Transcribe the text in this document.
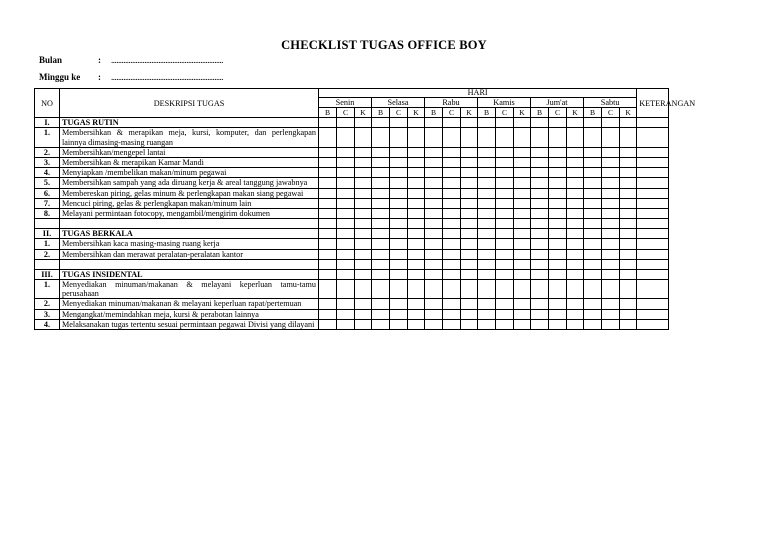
CHECKLIST TUGAS OFFICE BOY
Bulan	: ................................................................
Minggu ke : ................................................................
NO	DESKRIPSI TUGAS	HARI																		KETERANGAN
		Senin			Selasa			Rabu			Kamis			Jum'at			Sabtu			
		B	C	K	B	C	K	B	C	K	B	C	K	B	C	K	B	C	K	
I.	TUGAS RUTIN																			
1.	Membersihkan & merapikan meja, kursi, komputer, dan perlengkapan lainnya dimasing-masing ruangan																			
2.	Membersihkan/mengepel lantai																			
3.	Membersihkan & merapikan Kamar Mandi																			
4.	Menyiapkan /membelikan makan/minum pegawai																			
5.	Membersihkan sampah yang ada diruang kerja & areal tanggung jawabnya																			
6.	Membereskan piring, gelas minum & perlengkapan makan siang pegawai																			
7.	Mencuci piring, gelas & perlengkapan makan/minum lain																			
8.	Melayani permintaan fotocopy, mengambil/mengirim dokumen																			

II.	TUGAS BERKALA																			
1.	Membersihkan kaca masing-masing ruang kerja																			
2.	Membersihkan dan merawat peralatan-peralatan kantor																			

III.	TUGAS INSIDENTAL																			
1.	Menyediakan minuman/makanan & melayani keperluan tamu-tamu perusahaan																			
2.	Menyediakan minuman/makanan & melayani keperluan rapat/pertemuan																			
3.	Mengangkat/memindahkan meja, kursi & perabotan lainnya																			
4.	Melaksanakan tugas tertentu sesuai permintaan pegawai Divisi yang dilayani																			
